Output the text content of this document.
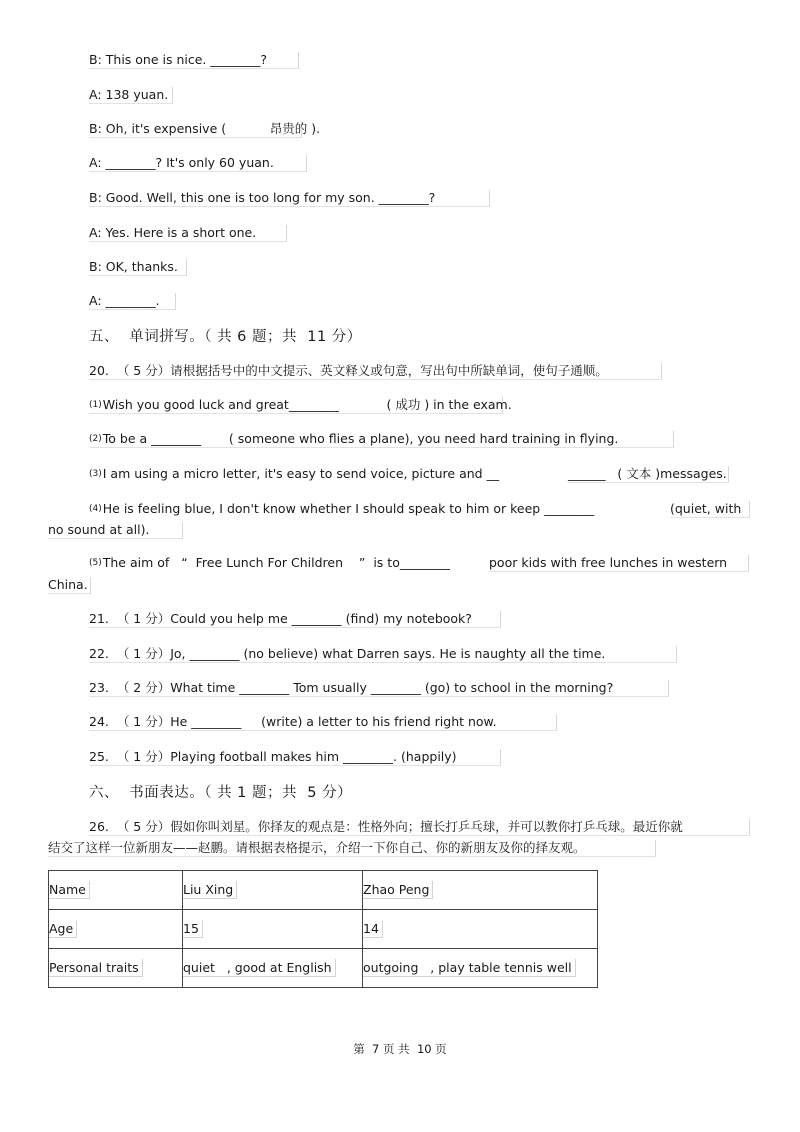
B: This one is nice. ________?
A: 138 yuan.
B: Oh, it's expensive (           昂贵的 ).
A: ________? It's only 60 yuan.
B: Good. Well, this one is too long for my son. ________?
A: Yes. Here is a short one.
B: OK, thanks.
A: ________.
五、  单词拼写。（ 共 6 题；共  11 分）
20.  （ 5 分）请根据括号中的中文提示、英文释义或句意，写出句中所缺单词，使句子通顺。
(1)Wish you good luck and great________            ( 成功 ) in the exam.
(2)To be a ________       ( someone who flies a plane), you need hard training in flying.
(3)I am using a micro letter, it's easy to send voice, picture and __	______   ( 文本 )messages.
(4)He is feeling blue, I don't know whether I should speak to him or keep ________	(quiet, with
no sound at all).
(5)The aim of   “  Free Lunch For Children    ”  is to________	poor kids with free lunches in western
China.
21.  （ 1 分）Could you help me ________ (find) my notebook?
22.  （ 1 分）Jo, ________ (no believe) what Darren says. He is naughty all the time.
23.  （ 2 分）What time ________ Tom usually ________ (go) to school in the morning?
24.  （ 1 分）He ________     (write) a letter to his friend right now.
25.  （ 1 分）Playing football makes him ________. (happily)
六、  书面表达。（ 共 1 题；共  5 分）
26.  （ 5 分）假如你叫刘星。你择友的观点是：性格外向；擅长打乒乓球，并可以教你打乒乓球。最近你就
结交了这样一位新朋友——赵鹏。请根据表格提示，介绍一下你自己、你的新朋友及你的择友观。
Name	Liu Xing	Zhao Peng
Age	15	14
Personal traits	quiet   , good at English	outgoing   , play table tennis well
第  7 页 共  10 页
